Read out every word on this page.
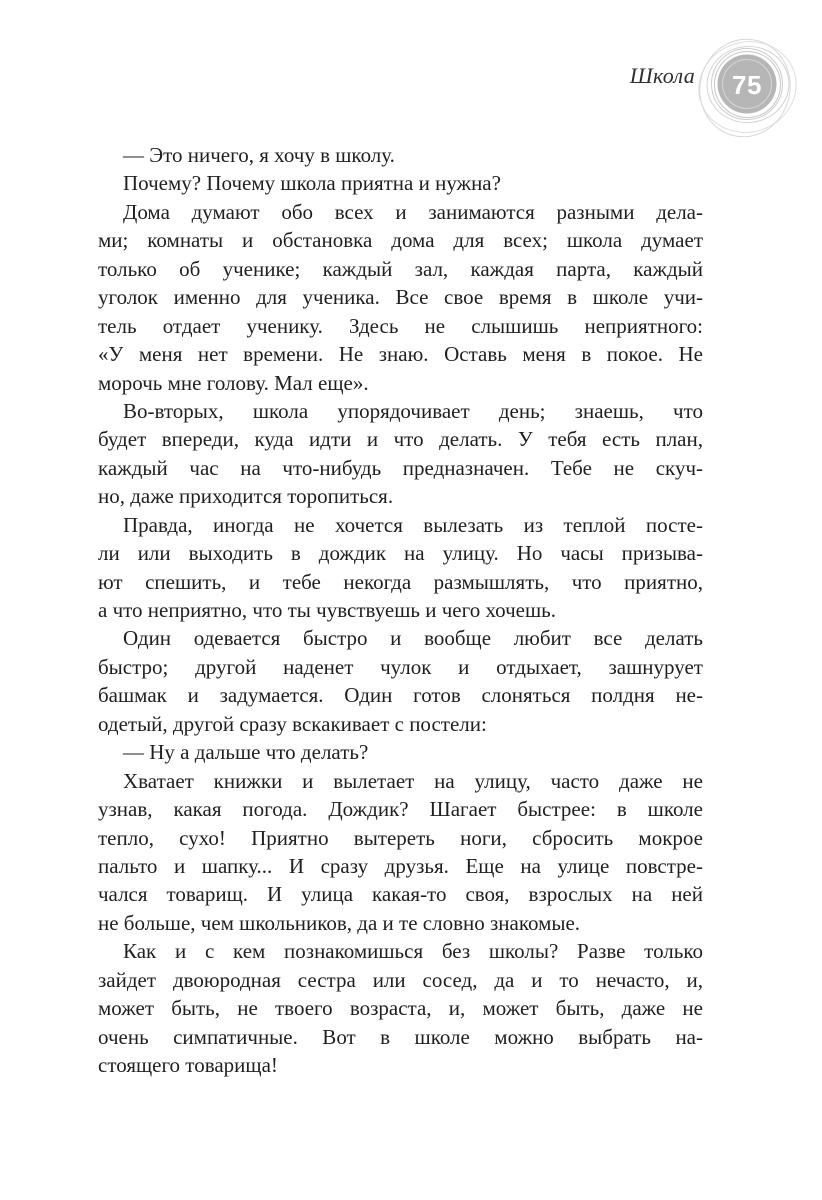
Школа 75
— Это ничего, я хочу в школу.
Почему? Почему школа приятна и нужна?
Дома думают обо всех и занимаются разными дела-
ми; комнаты и обстановка дома для всех; школа думает
только об ученике; каждый зал, каждая парта, каждый
уголок именно для ученика. Все свое время в школе учи-
тель отдает ученику. Здесь не слышишь неприятного:
«У меня нет времени. Не знаю. Оставь меня в покое. Не
морочь мне голову. Мал еще».
Во-вторых, школа упорядочивает день; знаешь, что
будет впереди, куда идти и что делать. У тебя есть план,
каждый час на что-нибудь предназначен. Тебе не скуч-
но, даже приходится торопиться.
Правда, иногда не хочется вылезать из теплой посте-
ли или выходить в дождик на улицу. Но часы призыва-
ют спешить, и тебе некогда размышлять, что приятно,
а что неприятно, что ты чувствуешь и чего хочешь.
Один одевается быстро и вообще любит все делать
быстро; другой наденет чулок и отдыхает, зашнурует
башмак и задумается. Один готов слоняться полдня не-
одетый, другой сразу вскакивает с постели:
— Ну а дальше что делать?
Хватает книжки и вылетает на улицу, часто даже не
узнав, какая погода. Дождик? Шагает быстрее: в школе
тепло, сухо! Приятно вытереть ноги, сбросить мокрое
пальто и шапку... И сразу друзья. Еще на улице повстре-
чался товарищ. И улица какая-то своя, взрослых на ней
не больше, чем школьников, да и те словно знакомые.
Как и с кем познакомишься без школы? Разве только
зайдет двоюродная сестра или сосед, да и то нечасто, и,
может быть, не твоего возраста, и, может быть, даже не
очень симпатичные. Вот в школе можно выбрать на-
стоящего товарища!
